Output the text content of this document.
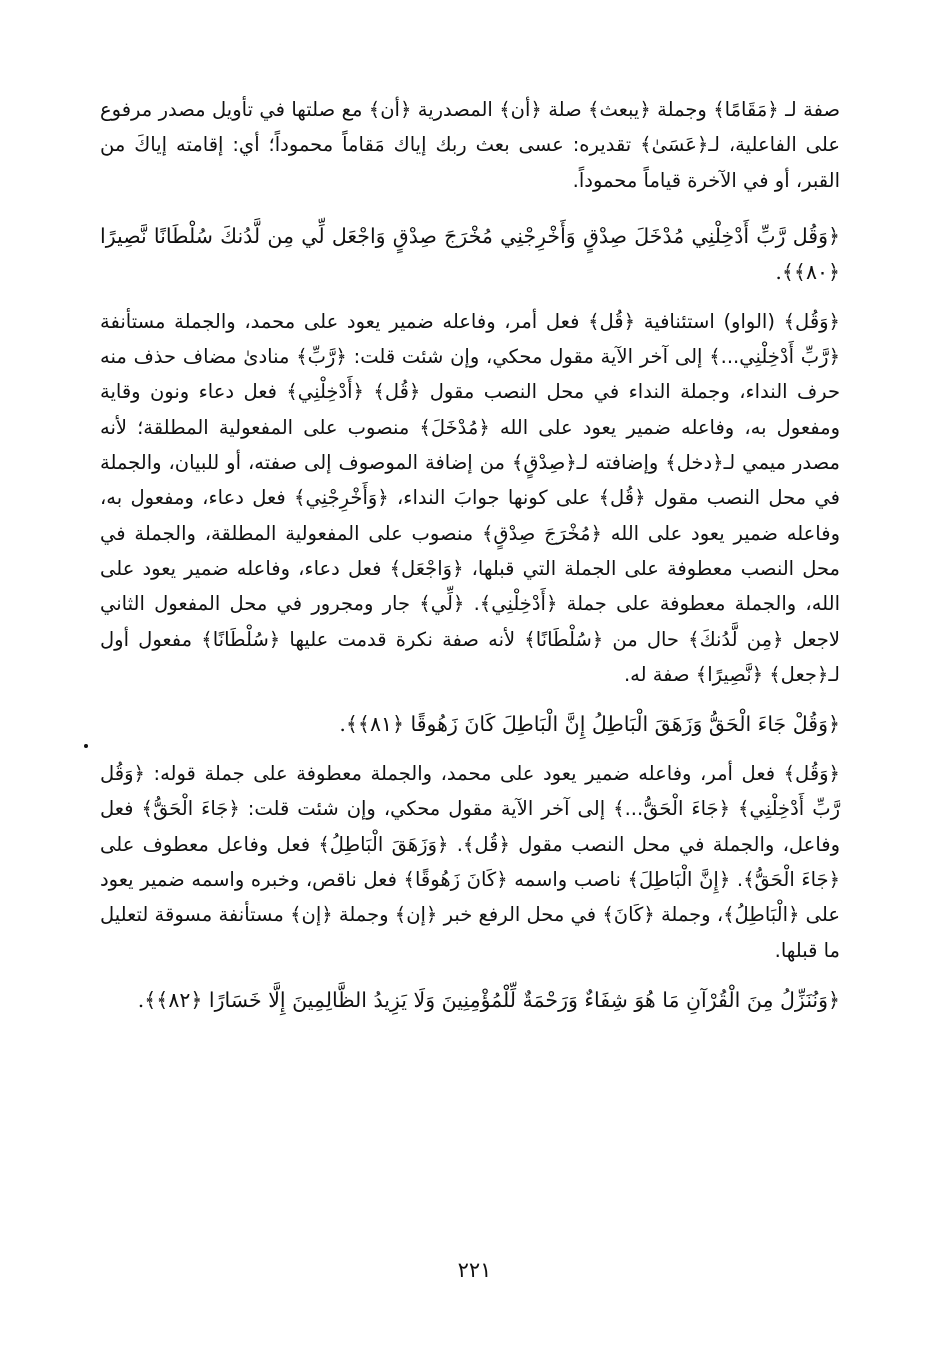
صفة لـ ﴿مَقَامًا﴾ وجملة ﴿يبعث﴾ صلة ﴿أن﴾ المصدرية ﴿أن﴾ مع صلتها في تأويل مصدر مرفوع على الفاعلية، لـ﴿عَسَىٰ﴾ تقديره: عسى بعث ربك إياك مَقاماً محموداً؛ أي: إقامته إياكَ من القبر، أو في الآخرة قياماً محموداً.

﴿وَقُل رَّبِّ أَدْخِلْنِي مُدْخَلَ صِدْقٍ وَأَخْرِجْنِي مُخْرَجَ صِدْقٍ وَاجْعَل لِّي مِن لَّدُنكَ سُلْطَانًا نَّصِيرًا ﴿٨٠﴾﴾.

﴿وَقُل﴾ (الواو) استئنافية ﴿قُل﴾ فعل أمر، وفاعله ضمير يعود على محمد، والجملة مستأنفة ﴿رَّبِّ أَدْخِلْنِي...﴾ إلى آخر الآية مقول محكي، وإن شئت قلت: ﴿رَّبِّ﴾ منادىٰ مضاف حذف منه حرف النداء، وجملة النداء في محل النصب مقول ﴿قُل﴾ ﴿أَدْخِلْنِي﴾ فعل دعاء ونون وقاية ومفعول به، وفاعله ضمير يعود على الله ﴿مُدْخَلَ﴾ منصوب على المفعولية المطلقة؛ لأنه مصدر ميمي لـ﴿دخل﴾ وإضافته لـ﴿صِدْقٍ﴾ من إضافة الموصوف إلى صفته، أو للبيان، والجملة في محل النصب مقول ﴿قُل﴾ على كونها جوابَ النداء، ﴿وَأَخْرِجْنِي﴾ فعل دعاء، ومفعول به، وفاعله ضمير يعود على الله ﴿مُخْرَجَ صِدْقٍ﴾ منصوب على المفعولية المطلقة، والجملة في محل النصب معطوفة على الجملة التي قبلها، ﴿وَاجْعَل﴾ فعل دعاء، وفاعله ضمير يعود على الله، والجملة معطوفة على جملة ﴿أَدْخِلْنِي﴾. ﴿لِّي﴾ جار ومجرور في محل المفعول الثاني لاجعل ﴿مِن لَّدُنكَ﴾ حال من ﴿سُلْطَانًا﴾ لأنه صفة نكرة قدمت عليها ﴿سُلْطَانًا﴾ مفعول أول لـ﴿جعل﴾ ﴿نَّصِيرًا﴾ صفة له.

﴿وَقُلْ جَاءَ الْحَقُّ وَزَهَقَ الْبَاطِلُ إِنَّ الْبَاطِلَ كَانَ زَهُوقًا ﴿٨١﴾﴾.

﴿وَقُل﴾ فعل أمر، وفاعله ضمير يعود على محمد، والجملة معطوفة على جملة قوله: ﴿وَقُل رَّبِّ أَدْخِلْنِي﴾ ﴿جَاءَ الْحَقُّ...﴾ إلى آخر الآية مقول محكي، وإن شئت قلت: ﴿جَاءَ الْحَقُّ﴾ فعل وفاعل، والجملة في محل النصب مقول ﴿قُل﴾. ﴿وَزَهَقَ الْبَاطِلُ﴾ فعل وفاعل معطوف على ﴿جَاءَ الْحَقُّ﴾. ﴿إِنَّ الْبَاطِلَ﴾ ناصب واسمه ﴿كَانَ زَهُوقًا﴾ فعل ناقص، وخبره واسمه ضمير يعود على ﴿الْبَاطِلُ﴾، وجملة ﴿كَانَ﴾ في محل الرفع خبر ﴿إن﴾ وجملة ﴿إن﴾ مستأنفة مسوقة لتعليل ما قبلها.

﴿وَنُنَزِّلُ مِنَ الْقُرْآنِ مَا هُوَ شِفَاءٌ وَرَحْمَةٌ لِّلْمُؤْمِنِينَ وَلَا يَزِيدُ الظَّالِمِينَ إِلَّا خَسَارًا ﴿٨٢﴾﴾.

٢٢١
